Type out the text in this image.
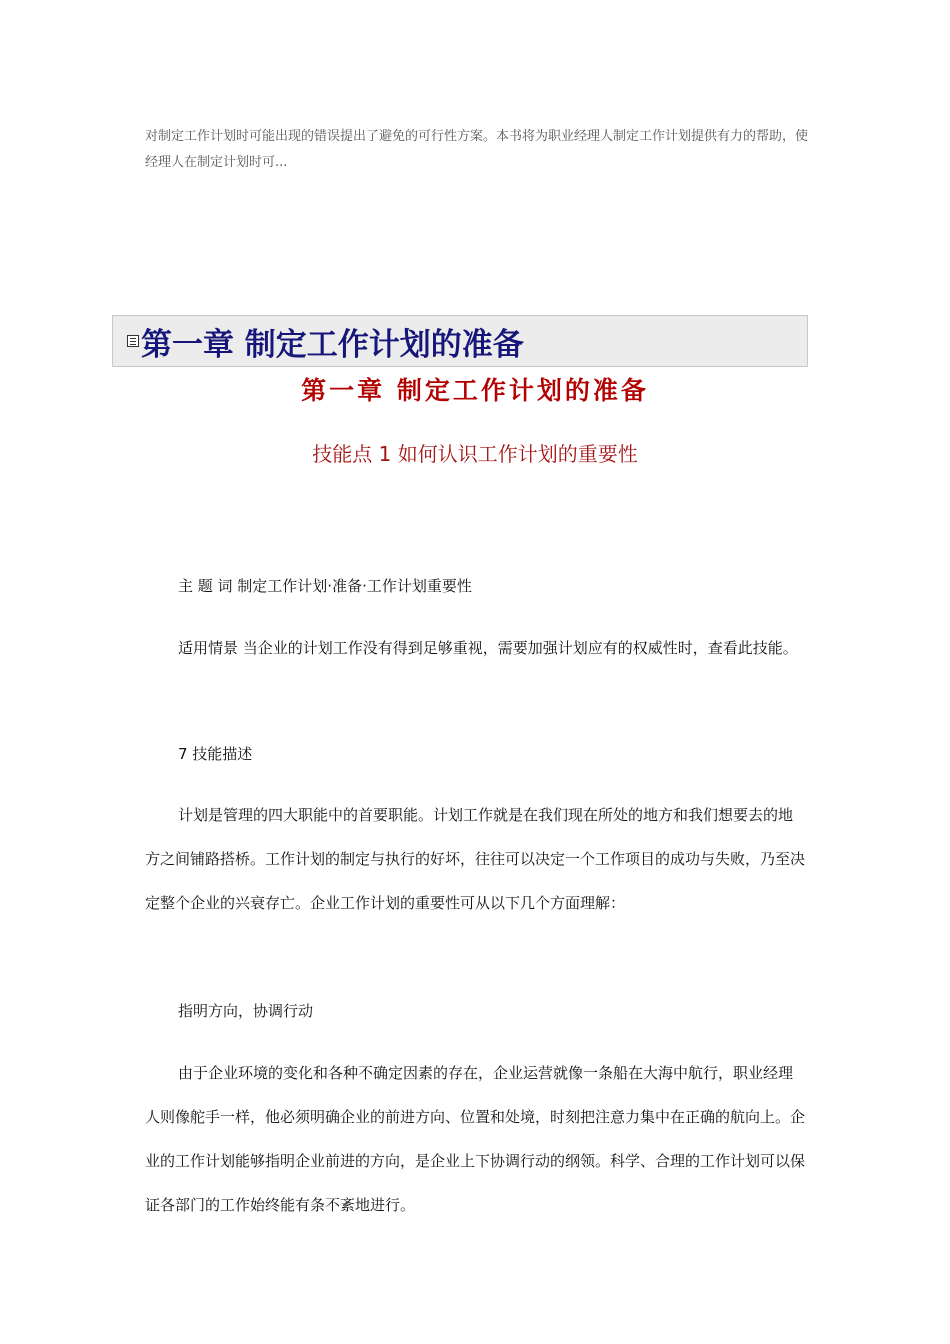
对制定工作计划时可能出现的错误提出了避免的可行性方案。本书将为职业经理人制定工作计划提供有力的帮助，使经理人在制定计划时可...
第一章 制定工作计划的准备
第一章 制定工作计划的准备
技能点 1 如何认识工作计划的重要性
主 题 词 制定工作计划·准备·工作计划重要性
适用情景 当企业的计划工作没有得到足够重视，需要加强计划应有的权威性时，查看此技能。
7 技能描述
计划是管理的四大职能中的首要职能。计划工作就是在我们现在所处的地方和我们想要去的地方之间铺路搭桥。工作计划的制定与执行的好坏，往往可以决定一个工作项目的成功与失败，乃至决定整个企业的兴衰存亡。企业工作计划的重要性可从以下几个方面理解：
指明方向，协调行动
由于企业环境的变化和各种不确定因素的存在，企业运营就像一条船在大海中航行，职业经理人则像舵手一样，他必须明确企业的前进方向、位置和处境，时刻把注意力集中在正确的航向上。企业的工作计划能够指明企业前进的方向，是企业上下协调行动的纲领。科学、合理的工作计划可以保证各部门的工作始终能有条不紊地进行。
